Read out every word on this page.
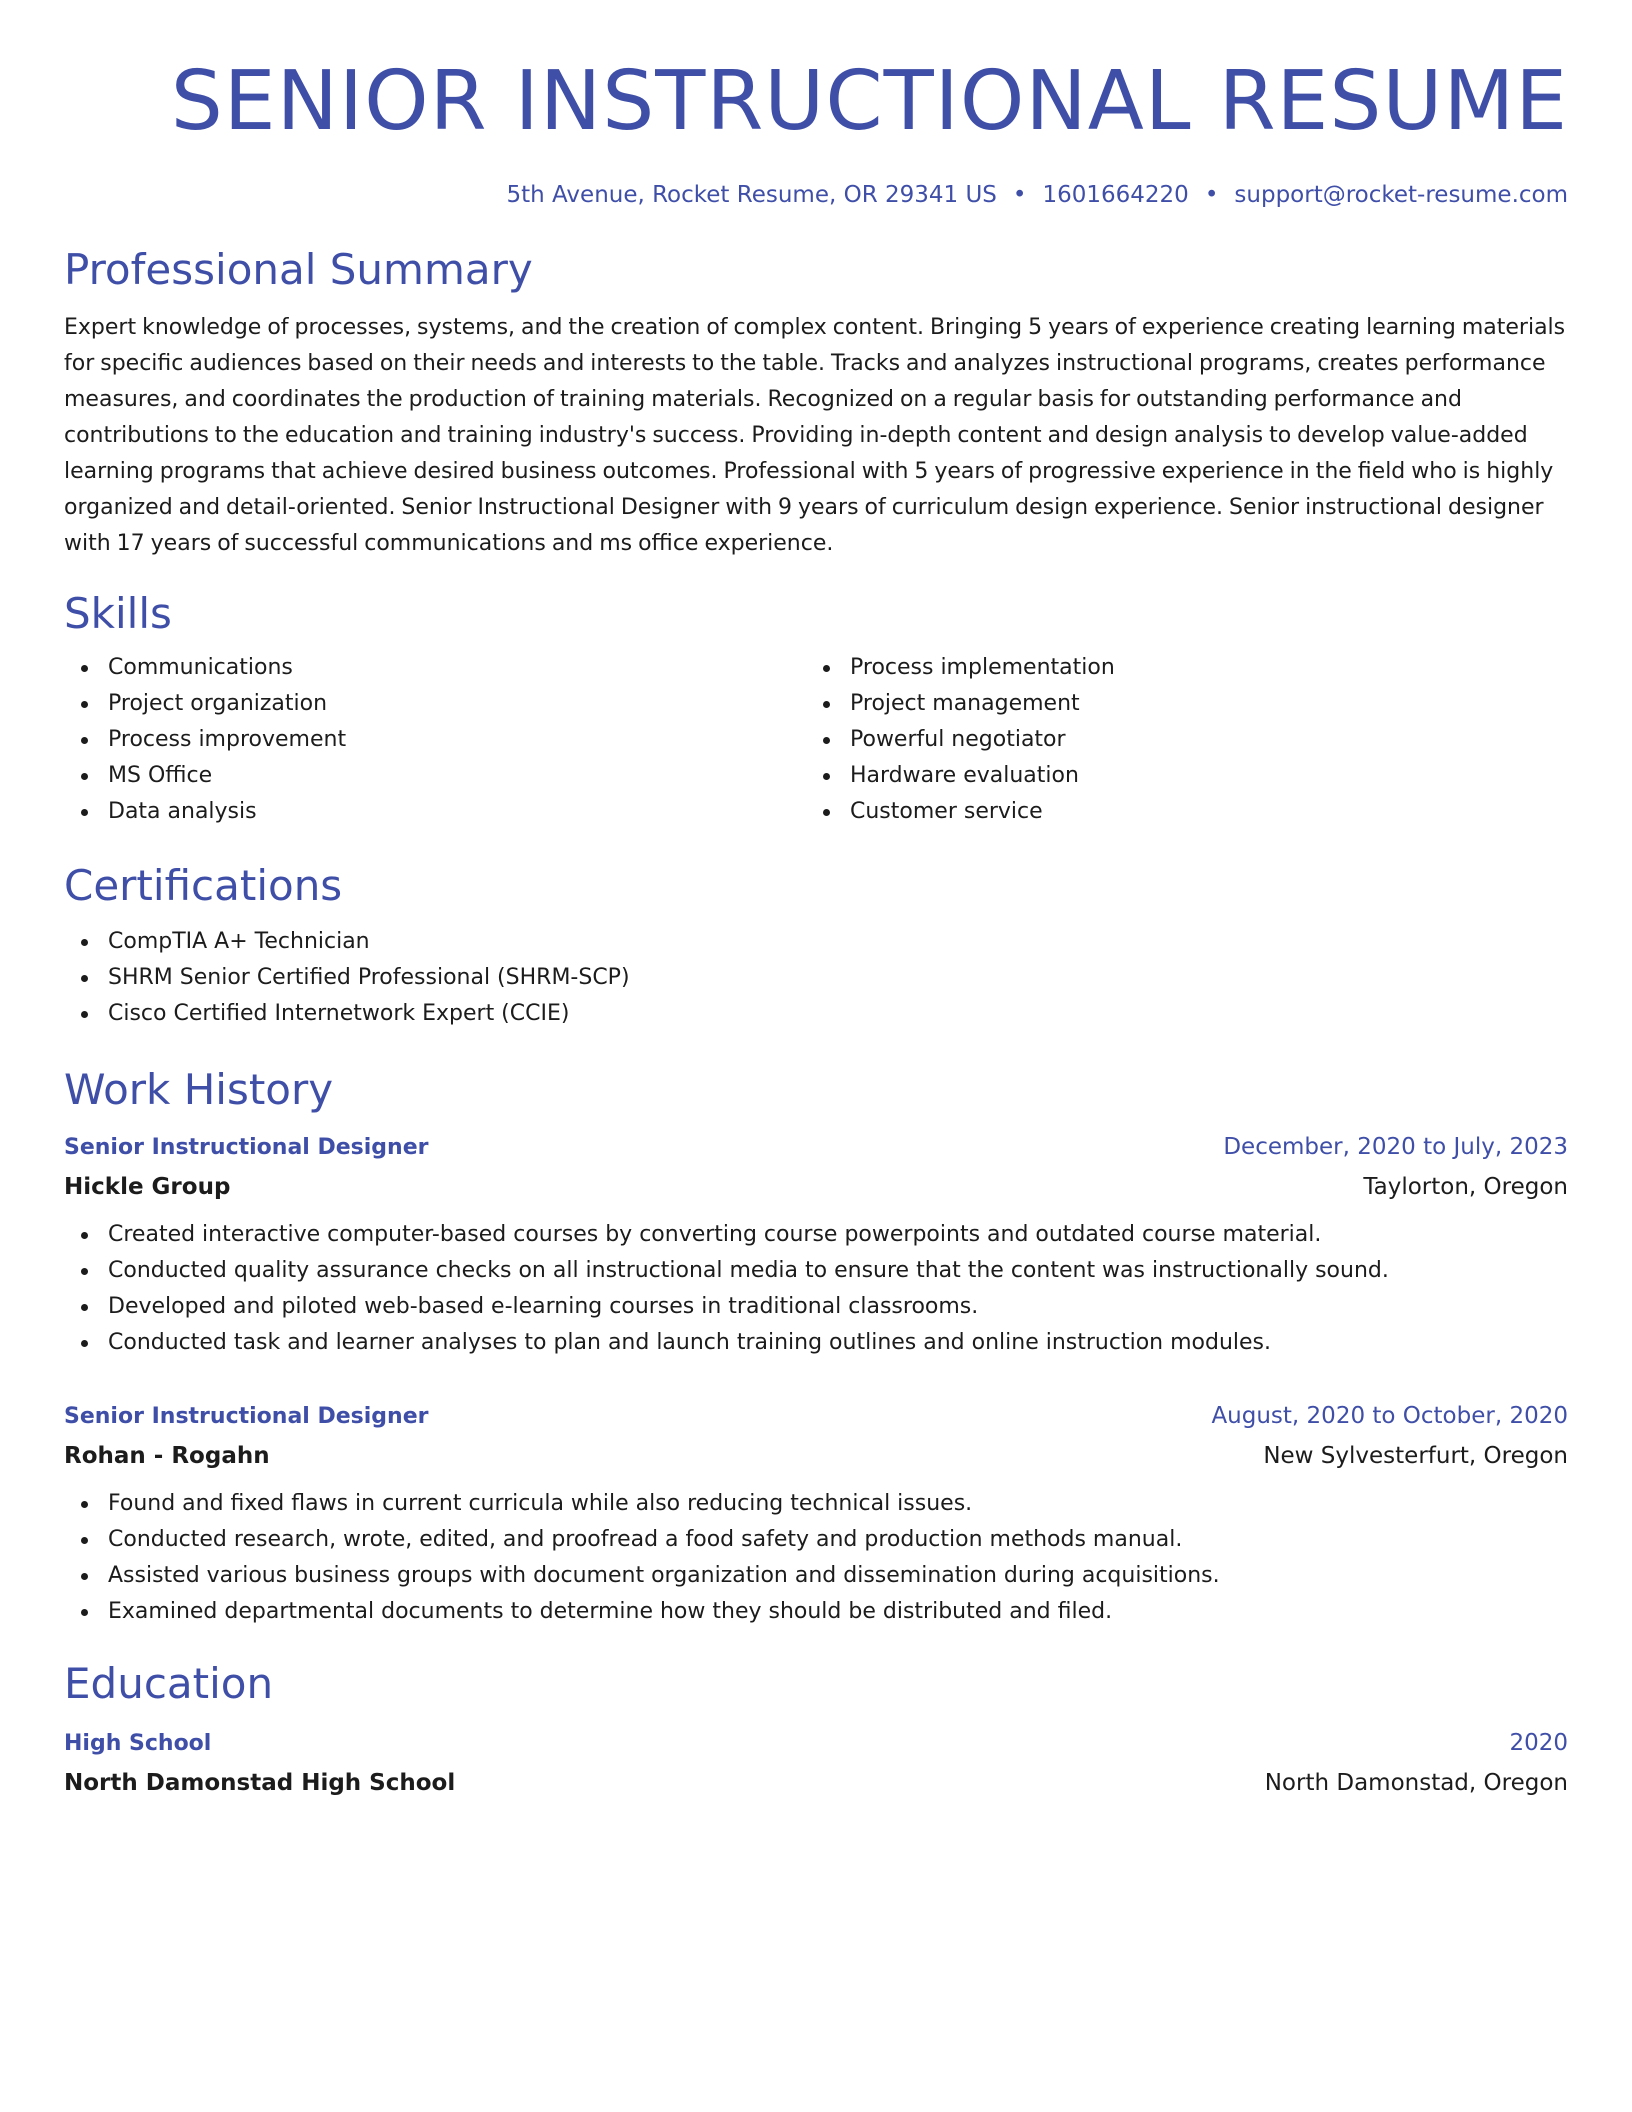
SENIOR INSTRUCTIONAL RESUME
5th Avenue, Rocket Resume, OR 29341 US • 1601664220 • support@rocket-resume.com
Professional Summary

Expert knowledge of processes, systems, and the creation of complex content. Bringing 5 years of experience creating learning materials for specific audiences based on their needs and interests to the table. Tracks and analyzes instructional programs, creates performance measures, and coordinates the production of training materials. Recognized on a regular basis for outstanding performance and contributions to the education and training industry's success. Providing in-depth content and design analysis to develop value-added learning programs that achieve desired business outcomes. Professional with 5 years of progressive experience in the field who is highly organized and detail-oriented. Senior Instructional Designer with 9 years of curriculum design experience. Senior instructional designer with 17 years of successful communications and ms office experience.

Skills
Communications
Project organization
Process improvement
MS Office
Data analysis
Process implementation
Project management
Powerful negotiator
Hardware evaluation
Customer service
Certifications
CompTIA A+ Technician
SHRM Senior Certified Professional (SHRM-SCP)
Cisco Certified Internetwork Expert (CCIE)
Work History
Senior Instructional Designer	December, 2020 to July, 2023
Hickle Group	Taylorton, Oregon
Created interactive computer-based courses by converting course powerpoints and outdated course material.
Conducted quality assurance checks on all instructional media to ensure that the content was instructionally sound.
Developed and piloted web-based e-learning courses in traditional classrooms.
Conducted task and learner analyses to plan and launch training outlines and online instruction modules.
Senior Instructional Designer	August, 2020 to October, 2020
Rohan - Rogahn	New Sylvesterfurt, Oregon
Found and fixed flaws in current curricula while also reducing technical issues.
Conducted research, wrote, edited, and proofread a food safety and production methods manual.
Assisted various business groups with document organization and dissemination during acquisitions.
Examined departmental documents to determine how they should be distributed and filed.
Education
High School	2020
North Damonstad High School	North Damonstad, Oregon
